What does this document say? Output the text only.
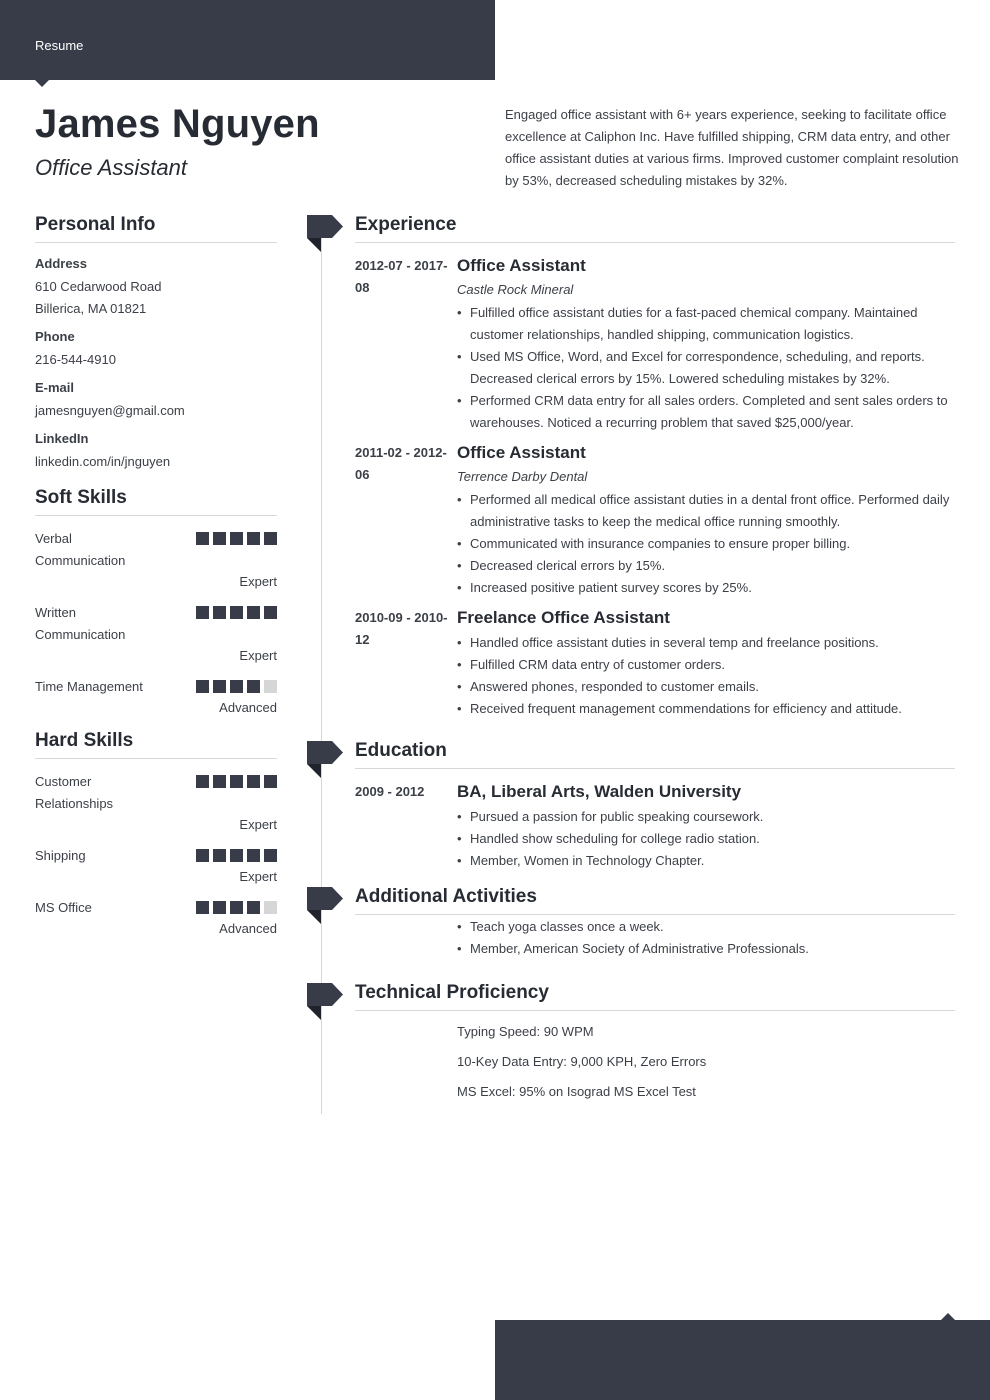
Resume
James Nguyen
Office Assistant

Engaged office assistant with 6+ years experience, seeking to facilitate office excellence at Caliphon Inc. Have fulfilled shipping, CRM data entry, and other office assistant duties at various firms. Improved customer complaint resolution by 53%, decreased scheduling mistakes by 32%.

Personal Info
Address
610 Cedarwood Road
Billerica, MA 01821
Phone
216-544-4910
E-mail
jamesnguyen@gmail.com
LinkedIn
linkedin.com/in/jnguyen
Soft Skills
Verbal Communication
Expert
Written Communication
Expert
Time Management
Advanced
Hard Skills
Customer Relationships
Expert
Shipping
Expert
MS Office
Advanced
Experience
2012-07 - 2017-08
Office Assistant
Castle Rock Mineral
• Fulfilled office assistant duties for a fast-paced chemical company. Maintained customer relationships, handled shipping, communication logistics.
• Used MS Office, Word, and Excel for correspondence, scheduling, and reports. Decreased clerical errors by 15%. Lowered scheduling mistakes by 32%.
• Performed CRM data entry for all sales orders. Completed and sent sales orders to warehouses. Noticed a recurring problem that saved $25,000/year.
2011-02 - 2012-06
Office Assistant
Terrence Darby Dental
• Performed all medical office assistant duties in a dental front office. Performed daily administrative tasks to keep the medical office running smoothly.
• Communicated with insurance companies to ensure proper billing.
• Decreased clerical errors by 15%.
• Increased positive patient survey scores by 25%.
2010-09 - 2010-12
Freelance Office Assistant
• Handled office assistant duties in several temp and freelance positions.
• Fulfilled CRM data entry of customer orders.
• Answered phones, responded to customer emails.
• Received frequent management commendations for efficiency and attitude.
Education
2009 - 2012	BA, Liberal Arts, Walden University
• Pursued a passion for public speaking coursework.
• Handled show scheduling for college radio station.
• Member, Women in Technology Chapter.
Additional Activities
• Teach yoga classes once a week.
• Member, American Society of Administrative Professionals.
Technical Proficiency
Typing Speed: 90 WPM
10-Key Data Entry: 9,000 KPH, Zero Errors
MS Excel: 95% on Isograd MS Excel Test
